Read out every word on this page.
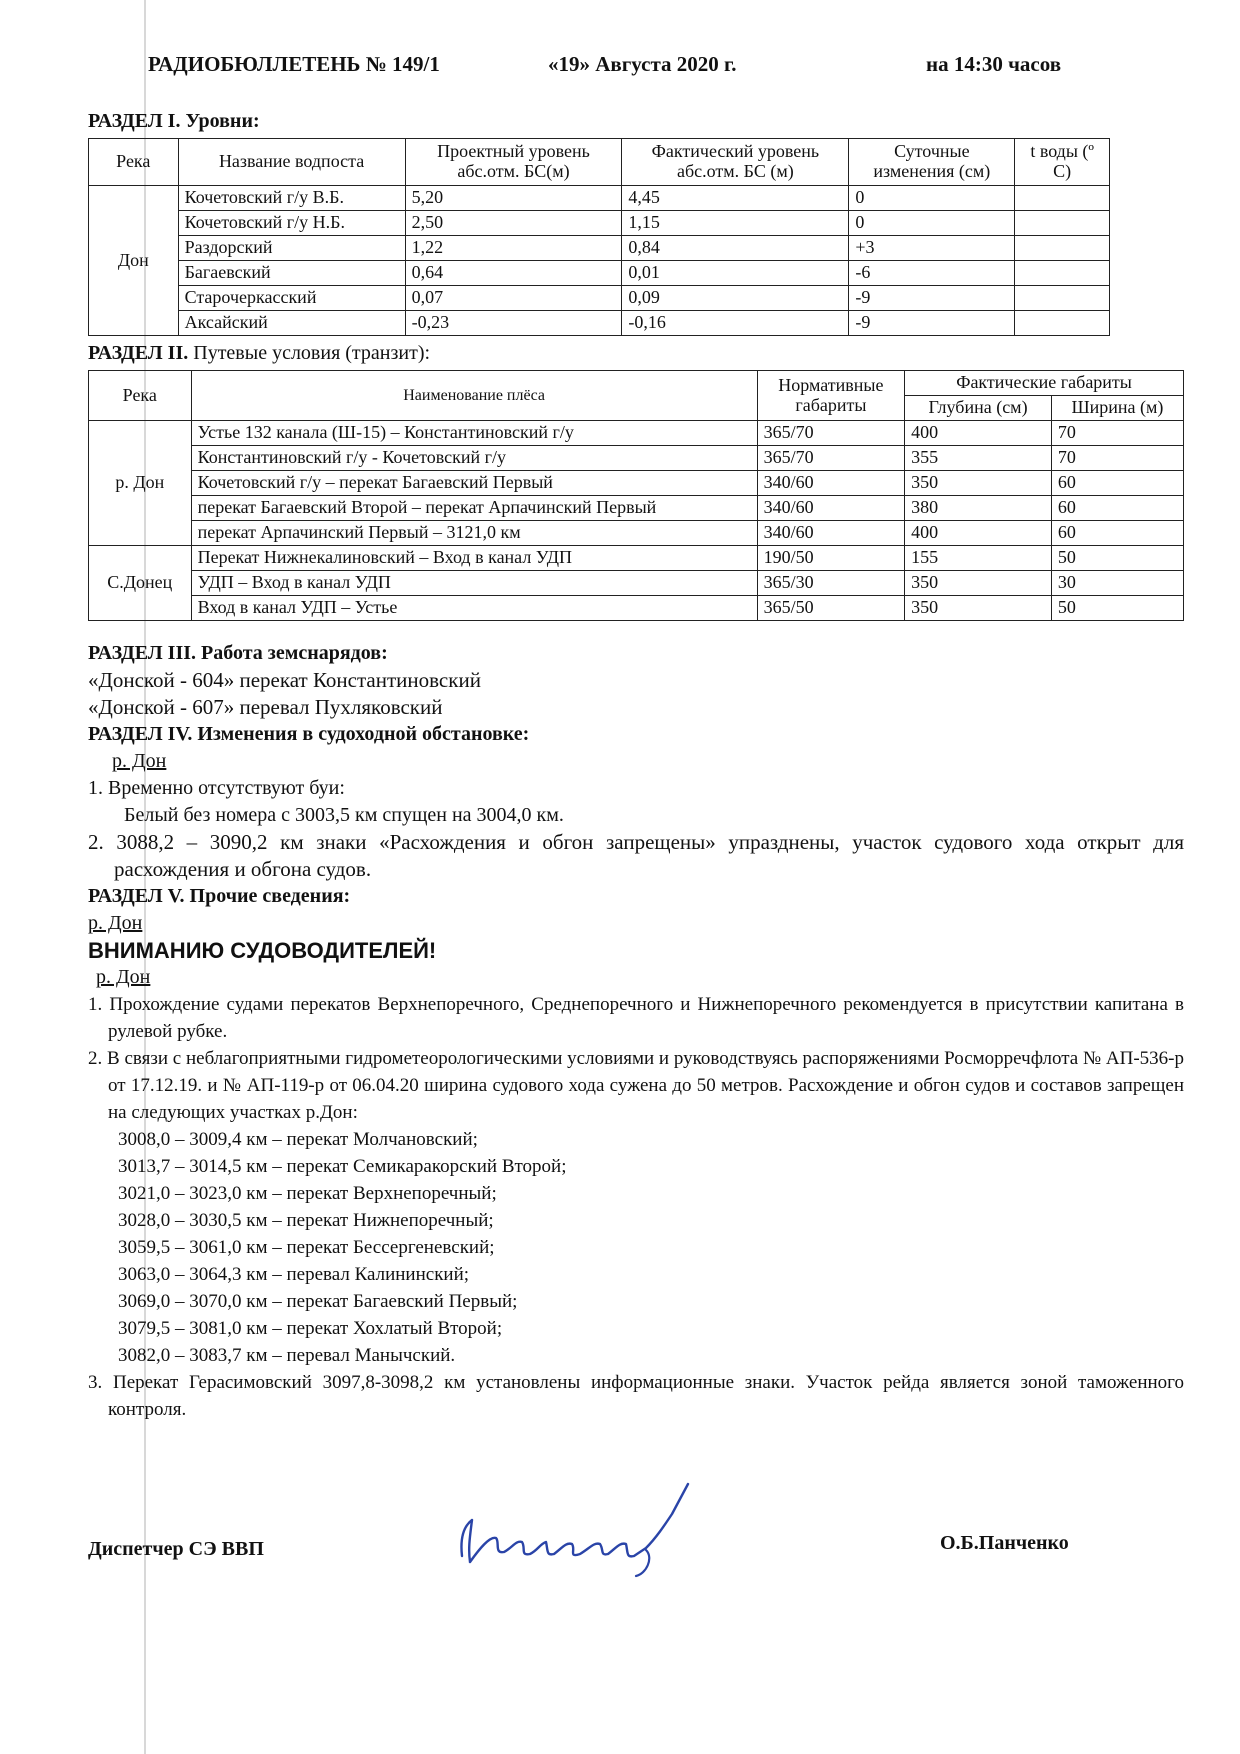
РАДИОБЮЛЛЕТЕНЬ № 149/1	«19» Августа 2020 г.	на 14:30 часов
РАЗДЕЛ I. Уровни:
Река	Название водпоста	Проектный уровень абс.отм. БС(м)	Фактический уровень абс.отм. БС (м)	Суточные изменения (см)	t воды (º С)
Дон	Кочетовский г/у В.Б.	5,20	4,45	0	
	Кочетовский г/у Н.Б.	2,50	1,15	0	
	Раздорский	1,22	0,84	+3	
	Багаевский	0,64	0,01	-6	
	Старочеркасский	0,07	0,09	-9	
	Аксайский	-0,23	-0,16	-9	
РАЗДЕЛ II. Путевые условия (транзит):
Река	Наименование плёса	Нормативные габариты	Фактические габариты	
			Глубина (см)	Ширина (м)
р. Дон	Устье 132 канала (Ш-15) – Константиновский г/у	365/70	400	70
	Константиновский г/у - Кочетовский г/у	365/70	355	70
	Кочетовский г/у – перекат Багаевский Первый	340/60	350	60
	перекат Багаевский Второй – перекат Арпачинский Первый	340/60	380	60
	перекат Арпачинский Первый – 3121,0 км	340/60	400	60
С.Донец	Перекат Нижнекалиновский – Вход в канал УДП	190/50	155	50
	УДП – Вход в канал УДП	365/30	350	30
	Вход в канал УДП – Устье	365/50	350	50

РАЗДЕЛ III. Работа земснарядов:

«Донской - 604» перекат Константиновский

«Донской - 607» перевал Пухляковский

РАЗДЕЛ IV. Изменения в судоходной обстановке:

р. Дон

1. Временно отсутствуют буи:

Белый без номера с 3003,5 км спущен на 3004,0 км.

2. 3088,2 – 3090,2 км знаки «Расхождения и обгон запрещены» упразднены, участок судового хода открыт для расхождения и обгона судов.

РАЗДЕЛ V. Прочие сведения:

р. Дон

ВНИМАНИЮ СУДОВОДИТЕЛЕЙ!

р. Дон

1. Прохождение судами перекатов Верхнепоречного, Среднепоречного и Нижнепоречного рекомендуется в присутствии капитана в рулевой рубке.

2. В связи с неблагоприятными гидрометеорологическими условиями и руководствуясь распоряжениями Росморречфлота № АП-536-р от 17.12.19. и № АП-119-р от 06.04.20 ширина судового хода сужена до 50 метров. Расхождение и обгон судов и составов запрещен на следующих участках р.Дон:

3008,0 – 3009,4 км – перекат Молчановский;

3013,7 – 3014,5 км – перекат Семикаракорский Второй;

3021,0 – 3023,0 км – перекат Верхнепоречный;

3028,0 – 3030,5 км – перекат Нижнепоречный;

3059,5 – 3061,0 км – перекат Бессергеневский;

3063,0 – 3064,3 км – перевал Калининский;

3069,0 – 3070,0 км – перекат Багаевский Первый;

3079,5 – 3081,0 км – перекат Хохлатый Второй;

3082,0 – 3083,7 км – перевал Манычский.

3. Перекат Герасимовский 3097,8-3098,2 км установлены информационные знаки. Участок рейда является зоной таможенного контроля.

Диспетчер СЭ ВВП	О.Б.Панченко
